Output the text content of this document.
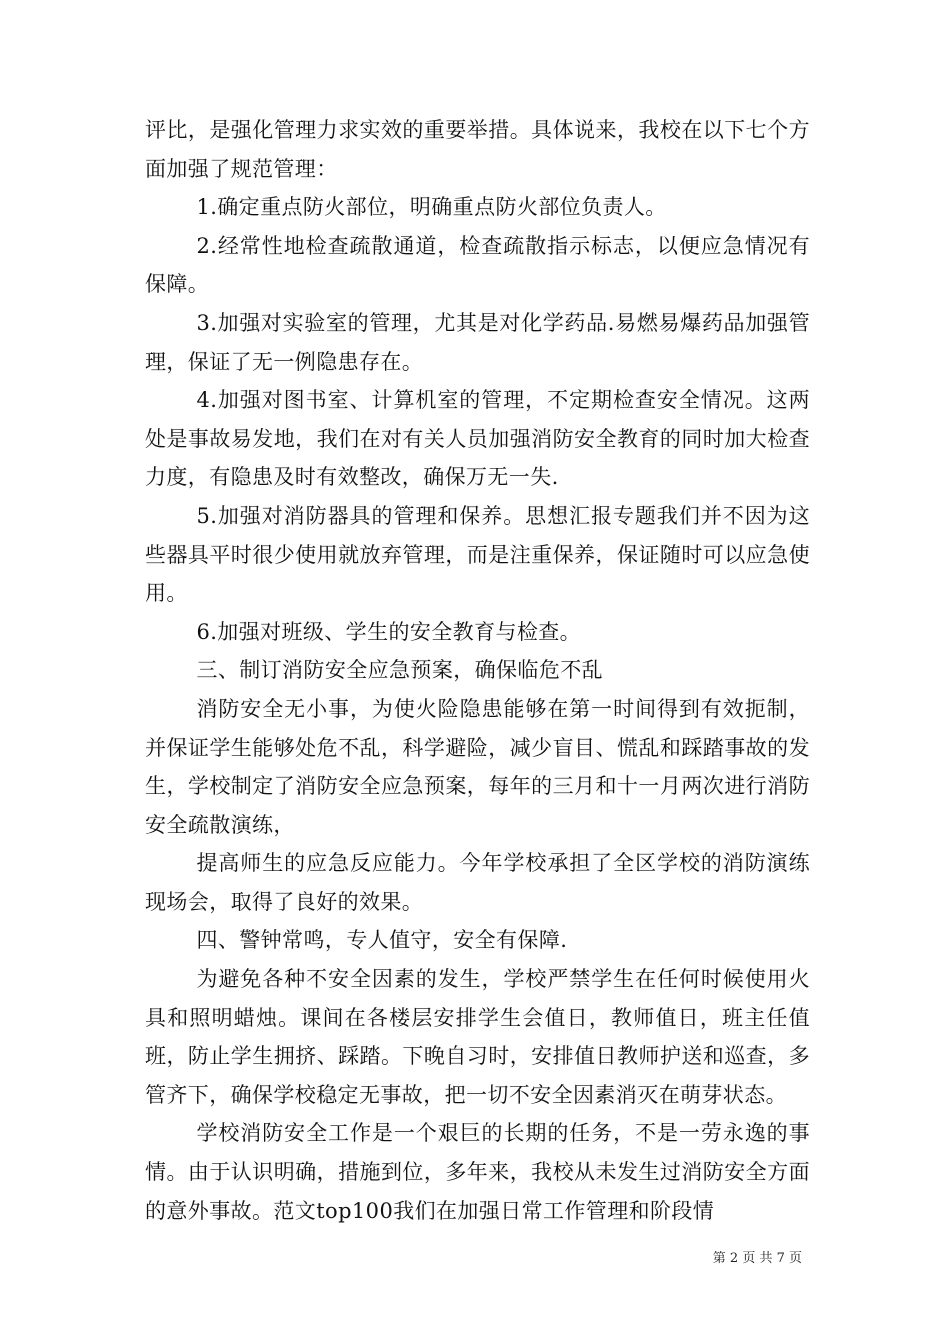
评比，是强化管理力求实效的重要举措。具体说来，我校在以下七个方面加强了规范管理：

1.确定重点防火部位，明确重点防火部位负责人。

2.经常性地检查疏散通道，检查疏散指示标志，以便应急情况有保障。

3.加强对实验室的管理，尤其是对化学药品.易燃易爆药品加强管理，保证了无一例隐患存在。

4.加强对图书室、计算机室的管理，不定期检查安全情况。这两处是事故易发地，我们在对有关人员加强消防安全教育的同时加大检查力度，有隐患及时有效整改，确保万无一失.

5.加强对消防器具的管理和保养。思想汇报专题我们并不因为这些器具平时很少使用就放弃管理，而是注重保养，保证随时可以应急使用。

6.加强对班级、学生的安全教育与检查。

三、制订消防安全应急预案，确保临危不乱

消防安全无小事，为使火险隐患能够在第一时间得到有效扼制，并保证学生能够处危不乱，科学避险，减少盲目、慌乱和踩踏事故的发生，学校制定了消防安全应急预案，每年的三月和十一月两次进行消防安全疏散演练，

提高师生的应急反应能力。今年学校承担了全区学校的消防演练现场会，取得了良好的效果。

四、警钟常鸣，专人值守，安全有保障.

为避免各种不安全因素的发生，学校严禁学生在任何时候使用火具和照明蜡烛。课间在各楼层安排学生会值日，教师值日，班主任值班，防止学生拥挤、踩踏。下晚自习时，安排值日教师护送和巡查，多管齐下，确保学校稳定无事故，把一切不安全因素消灭在萌芽状态。

学校消防安全工作是一个艰巨的长期的任务，不是一劳永逸的事情。由于认识明确，措施到位，多年来，我校从未发生过消防安全方面的意外事故。范文top100我们在加强日常工作管理和阶段情

第 2 页 共 7 页
